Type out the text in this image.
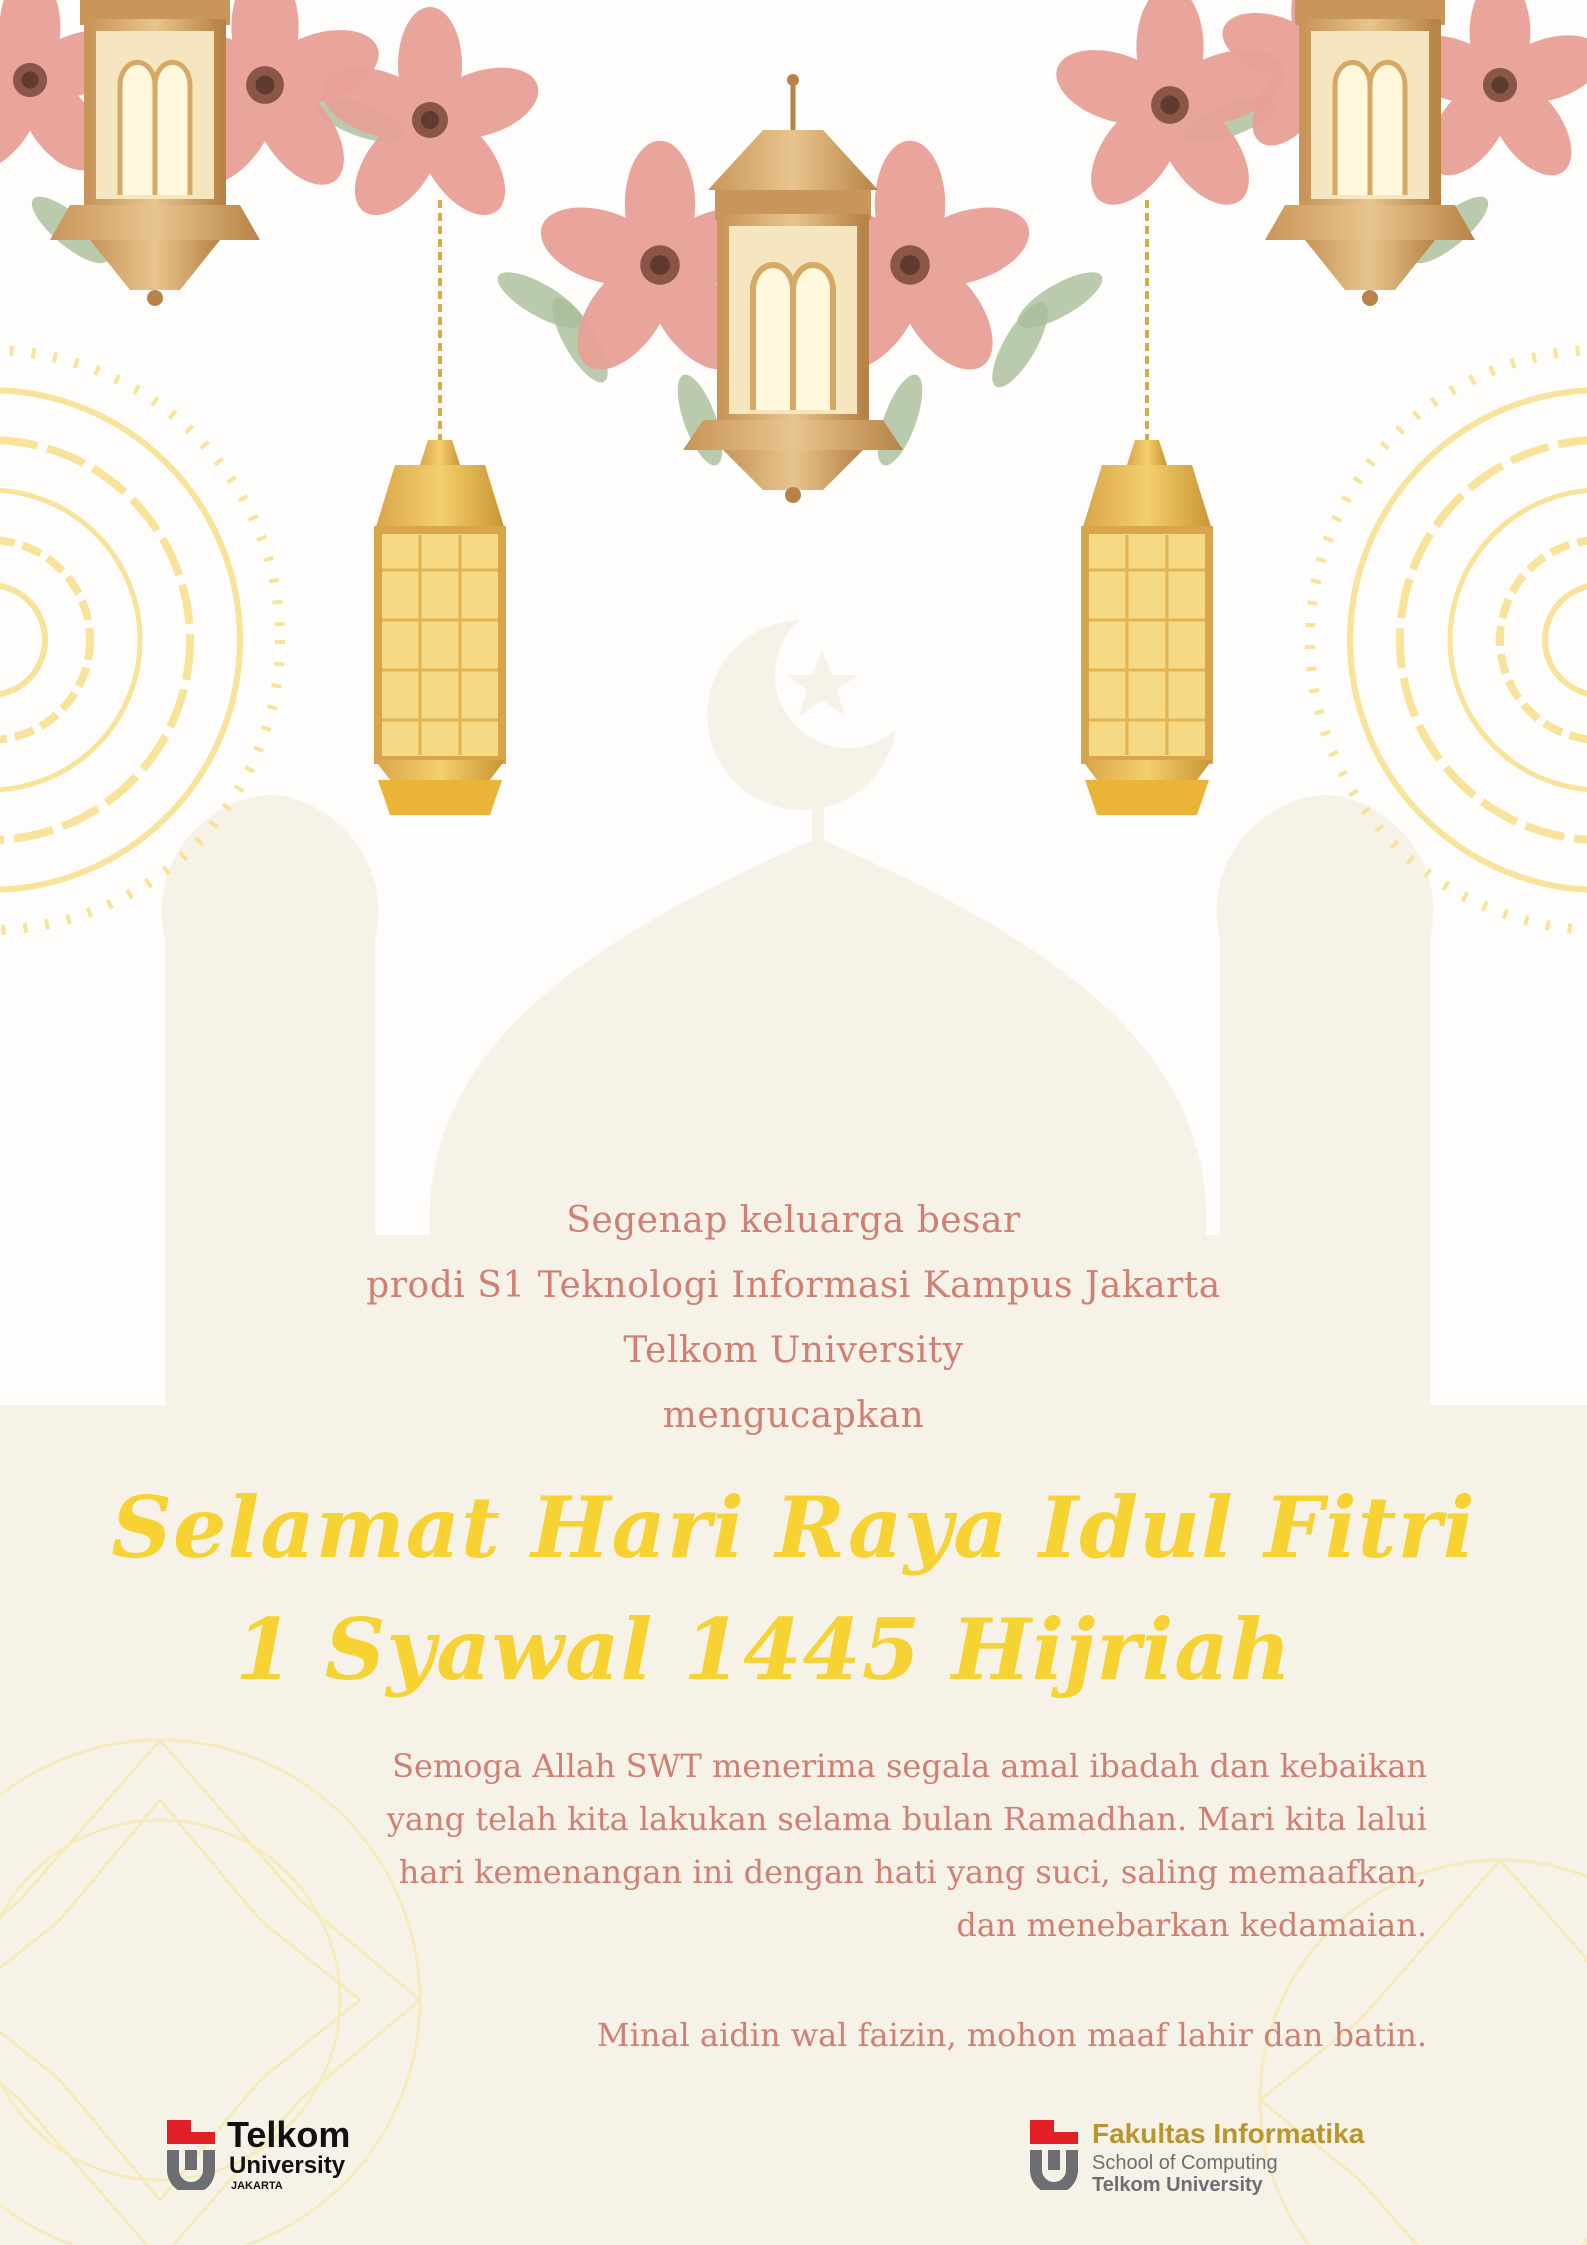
Segenap keluarga besar
prodi S1 Teknologi Informasi Kampus Jakarta
Telkom University
mengucapkan
Selamat Hari Raya Idul Fitri
1 Syawal 1445 Hijriah
Semoga Allah SWT menerima segala amal ibadah dan kebaikan
yang telah kita lakukan selama bulan Ramadhan. Mari kita lalui
hari kemenangan ini dengan hati yang suci, saling memaafkan,
dan menebarkan kedamaian.
Minal aidin wal faizin, mohon maaf lahir dan batin.
Telkom
University
JAKARTA
Fakultas Informatika
School of Computing
Telkom University
